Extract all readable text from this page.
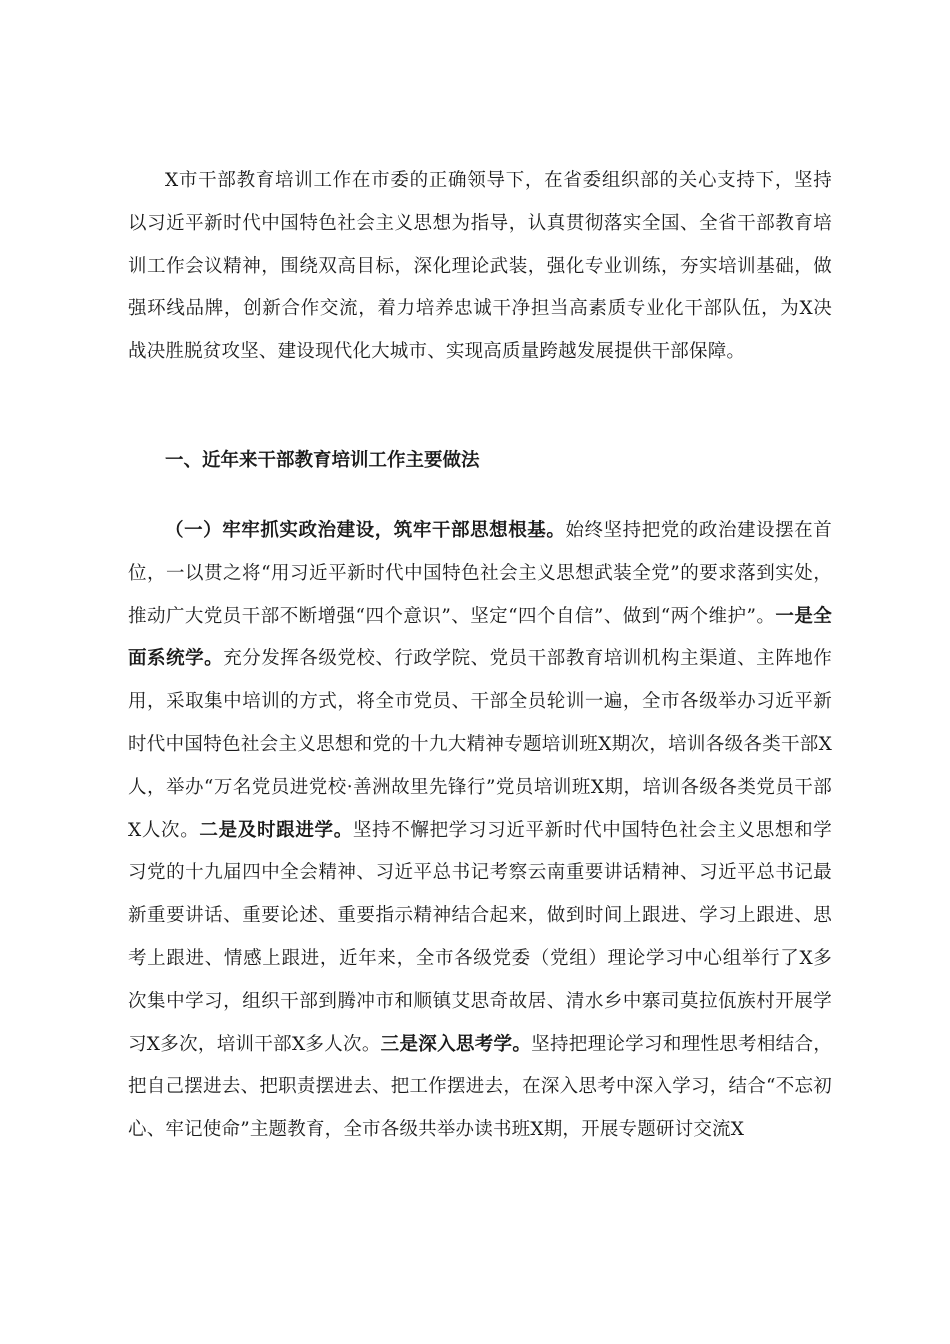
X市干部教育培训工作在市委的正确领导下，在省委组织部的关心支持下，坚持以习近平新时代中国特色社会主义思想为指导，认真贯彻落实全国、全省干部教育培训工作会议精神，围绕双高目标，深化理论武装，强化专业训练，夯实培训基础，做强环线品牌，创新合作交流，着力培养忠诚干净担当高素质专业化干部队伍，为X决战决胜脱贫攻坚、建设现代化大城市、实现高质量跨越发展提供干部保障。

一、近年来干部教育培训工作主要做法

（一）牢牢抓实政治建设，筑牢干部思想根基。始终坚持把党的政治建设摆在首位，一以贯之将“用习近平新时代中国特色社会主义思想武装全党”的要求落到实处，推动广大党员干部不断增强“四个意识”、坚定“四个自信”、做到“两个维护”。一是全面系统学。充分发挥各级党校、行政学院、党员干部教育培训机构主渠道、主阵地作用，采取集中培训的方式，将全市党员、干部全员轮训一遍，全市各级举办习近平新时代中国特色社会主义思想和党的十九大精神专题培训班X期次，培训各级各类干部X人，举办“万名党员进党校·善洲故里先锋行”党员培训班X期，培训各级各类党员干部X人次。二是及时跟进学。坚持不懈把学习习近平新时代中国特色社会主义思想和学习党的十九届四中全会精神、习近平总书记考察云南重要讲话精神、习近平总书记最新重要讲话、重要论述、重要指示精神结合起来，做到时间上跟进、学习上跟进、思考上跟进、情感上跟进，近年来，全市各级党委（党组）理论学习中心组举行了X多次集中学习，组织干部到腾冲市和顺镇艾思奇故居、清水乡中寨司莫拉佤族村开展学习X多次，培训干部X多人次。三是深入思考学。坚持把理论学习和理性思考相结合，把自己摆进去、把职责摆进去、把工作摆进去，在深入思考中深入学习，结合“不忘初心、牢记使命”主题教育，全市各级共举办读书班X期，开展专题研讨交流X
